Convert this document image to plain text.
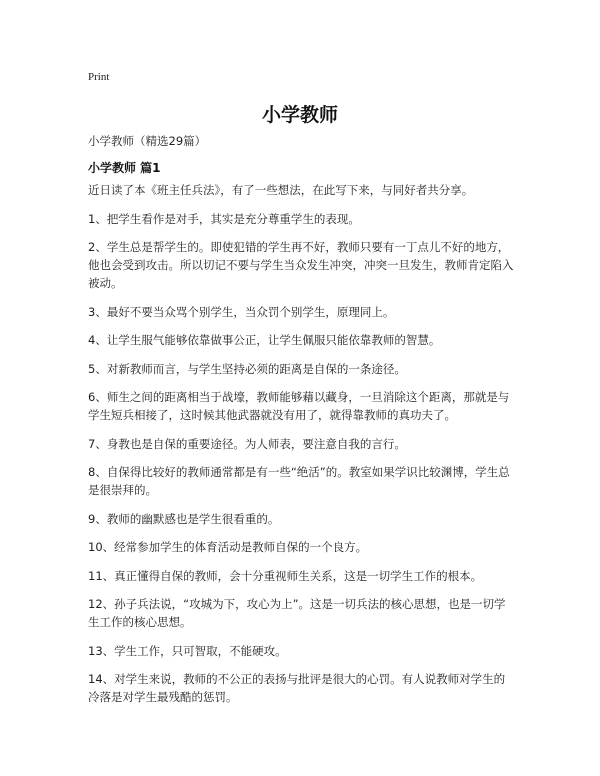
Print
小学教师
小学教师（精选29篇）
小学教师 篇1

近日读了本《班主任兵法》，有了一些想法，在此写下来，与同好者共分享。

1、把学生看作是对手，其实是充分尊重学生的表现。

2、学生总是帮学生的。即使犯错的学生再不好，教师只要有一丁点儿不好的地方，他也会受到攻击。所以切记不要与学生当众发生冲突，冲突一旦发生，教师肯定陷入被动。

3、最好不要当众骂个别学生，当众罚个别学生，原理同上。

4、让学生服气能够依靠做事公正，让学生佩服只能依靠教师的智慧。

5、对新教师而言，与学生坚持必须的距离是自保的一条途径。

6、师生之间的距离相当于战壕，教师能够藉以藏身，一旦消除这个距离，那就是与学生短兵相接了，这时候其他武器就没有用了，就得靠教师的真功夫了。

7、身教也是自保的重要途径。为人师表，要注意自我的言行。

8、自保得比较好的教师通常都是有一些“绝活”的。教室如果学识比较渊博，学生总是很崇拜的。

9、教师的幽默感也是学生很看重的。

10、经常参加学生的体育活动是教师自保的一个良方。

11、真正懂得自保的教师，会十分重视师生关系，这是一切学生工作的根本。

12、孙子兵法说，“攻城为下，攻心为上”。这是一切兵法的核心思想，也是一切学生工作的核心思想。

13、学生工作，只可智取，不能硬攻。

14、对学生来说，教师的不公正的表扬与批评是很大的心罚。有人说教师对学生的冷落是对学生最残酷的惩罚。
